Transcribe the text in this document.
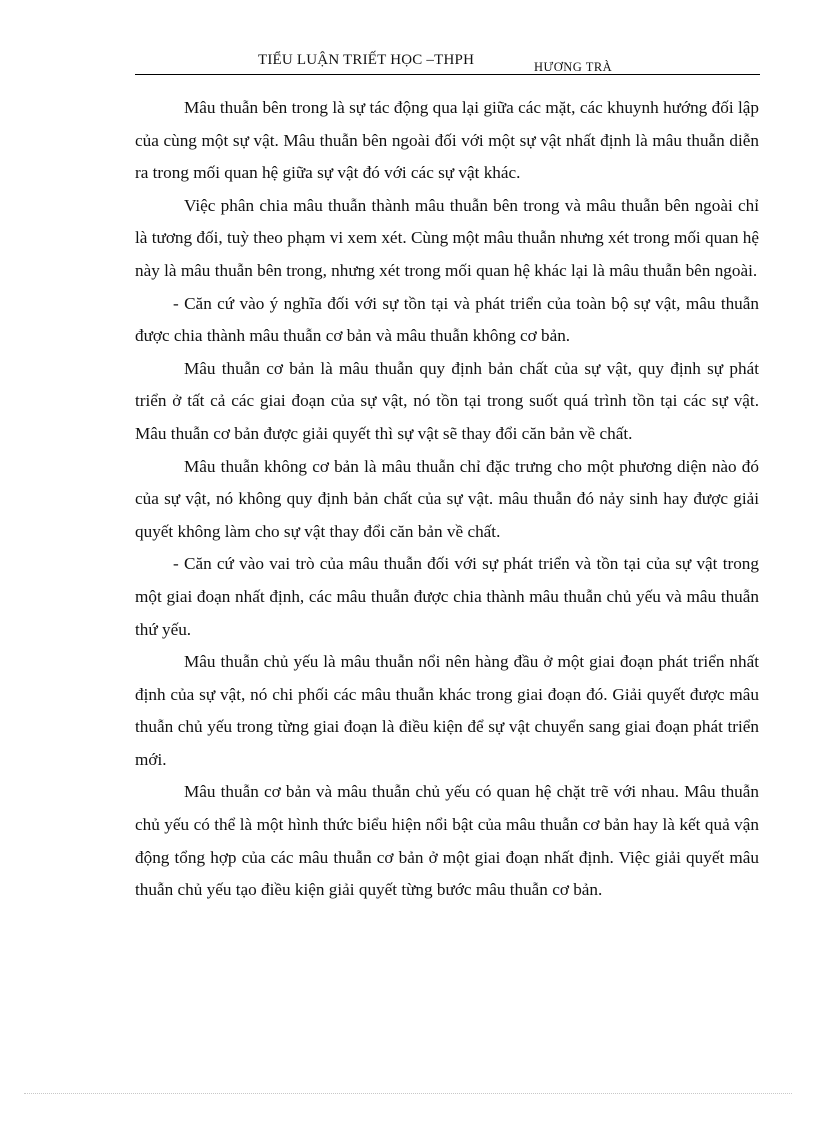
TIỂU LUẬN TRIẾT HỌC –THPH	HƯƠNG TRÀ

Mâu thuẫn bên trong là sự tác động qua lại giữa các mặt, các khuynh hướng đối lập của cùng một sự vật. Mâu thuẫn bên ngoài đối với một sự vật nhất định là mâu thuẫn diễn ra trong mối quan hệ giữa sự vật đó với các sự vật khác.

Việc phân chia mâu thuẫn thành mâu thuẫn bên trong và mâu thuẫn bên ngoài chỉ là tương đối, tuỳ theo phạm vi xem xét. Cùng một mâu thuẫn nhưng xét trong mối quan hệ này là mâu thuẫn bên trong, nhưng xét trong mối quan hệ khác lại là mâu thuẫn bên ngoài.

- Căn cứ vào ý nghĩa đối với sự tồn tại và phát triển của toàn bộ sự vật, mâu thuẫn được chia thành mâu thuẫn cơ bản và mâu thuẫn không cơ bản.

Mâu thuẫn cơ bản là mâu thuẫn quy định bản chất của sự vật, quy định sự phát triển ở tất cả các giai đoạn của sự vật, nó tồn tại trong suốt quá trình tồn tại các sự vật. Mâu thuẫn cơ bản được giải quyết thì sự vật sẽ thay đổi căn bản về chất.

Mâu thuẫn không cơ bản là mâu thuẫn chỉ đặc trưng cho một phương diện nào đó của sự vật, nó không quy định bản chất của sự vật. mâu thuẫn đó nảy sinh hay được giải quyết không làm cho sự vật thay đổi căn bản về chất.

- Căn cứ vào vai trò của mâu thuẫn đối với sự phát triển và tồn tại của sự vật trong một giai đoạn nhất định, các mâu thuẫn được chia thành mâu thuẫn chủ yếu và mâu thuẫn thứ yếu.

Mâu thuẫn chủ yếu là mâu thuẫn nổi nên hàng đầu ở một giai đoạn phát triển nhất định của sự vật, nó chi phối các mâu thuẫn khác trong giai đoạn đó. Giải quyết được mâu thuẫn chủ yếu trong từng giai đoạn là điều kiện để sự vật chuyển sang giai đoạn phát triển mới.

Mâu thuẫn cơ bản và mâu thuẫn chủ yếu có quan hệ chặt trẽ với nhau. Mâu thuẫn chủ yếu có thể là một hình thức biểu hiện nổi bật của mâu thuẫn cơ bản hay là kết quả vận động tổng hợp của các mâu thuẫn cơ bản ở một giai đoạn nhất định. Việc giải quyết mâu thuẫn chủ yếu tạo điều kiện giải quyết từng bước mâu thuẫn cơ bản.
